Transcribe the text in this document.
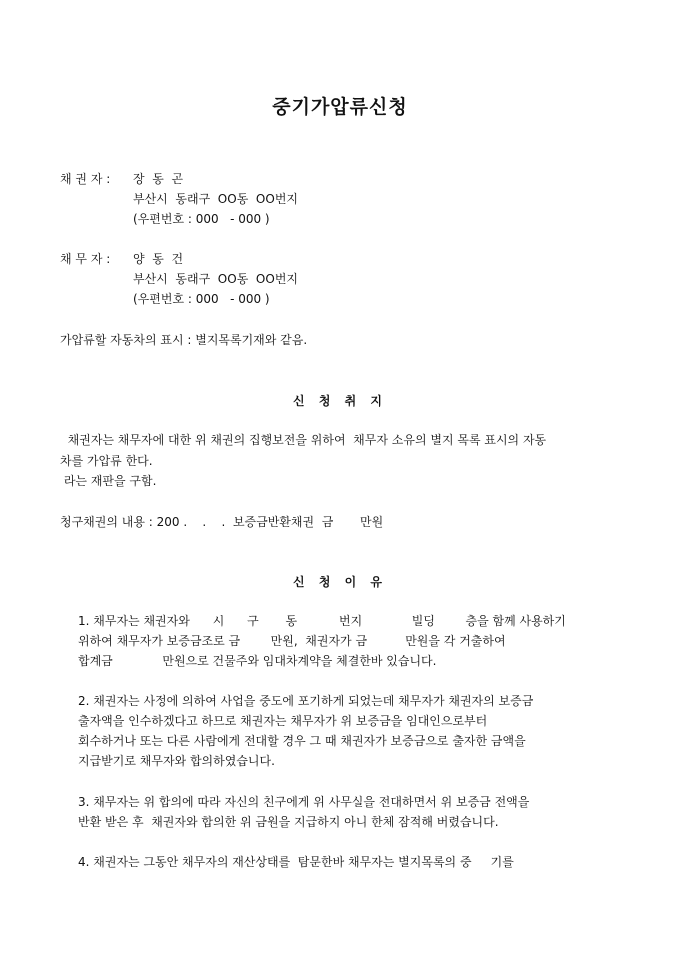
중기가압류신청
채 권 자 : 장  동  곤
부산시  동래구  OO동  OO번지
(우편번호 : 000   - 000 )
채 무 자 : 양  동  건
부산시  동래구  OO동  OO번지
(우편번호 : 000   - 000 )
가압류할 자동차의 표시 : 별지목록기재와 같음.
신 청 취 지
채권자는 채무자에 대한 위 채권의 집행보전을 위하여  채무자 소유의 별지 목록 표시의 자동
차를 가압류 한다.
라는 재판을 구함.
청구채권의 내용 : 200 .    .    .  보증금반환채권  금       만원
신 청 이 유
1. 채무자는 채권자와      시      구       동           번지             빌딩        층을 함께 사용하기
위하여 채무자가 보증금조로 금        만원,  채권자가 금          만원을 각 거출하여
합계금             만원으로 건물주와 임대차계약을 체결한바 있습니다.
2. 채권자는 사정에 의하여 사업을 중도에 포기하게 되었는데 채무자가 채권자의 보증금
출자액을 인수하겠다고 하므로 채권자는 채무자가 위 보증금을 임대인으로부터
회수하거나 또는 다른 사람에게 전대할 경우 그 때 채권자가 보증금으로 출자한 금액을
지급받기로 채무자와 합의하였습니다.
3. 채무자는 위 합의에 따라 자신의 친구에게 위 사무실을 전대하면서 위 보증금 전액을
반환 받은 후  채권자와 합의한 위 금원을 지급하지 아니 한체 잠적해 버렸습니다.
4. 채권자는 그동안 채무자의 재산상태를  탐문한바 채무자는 별지목록의 중     기를
